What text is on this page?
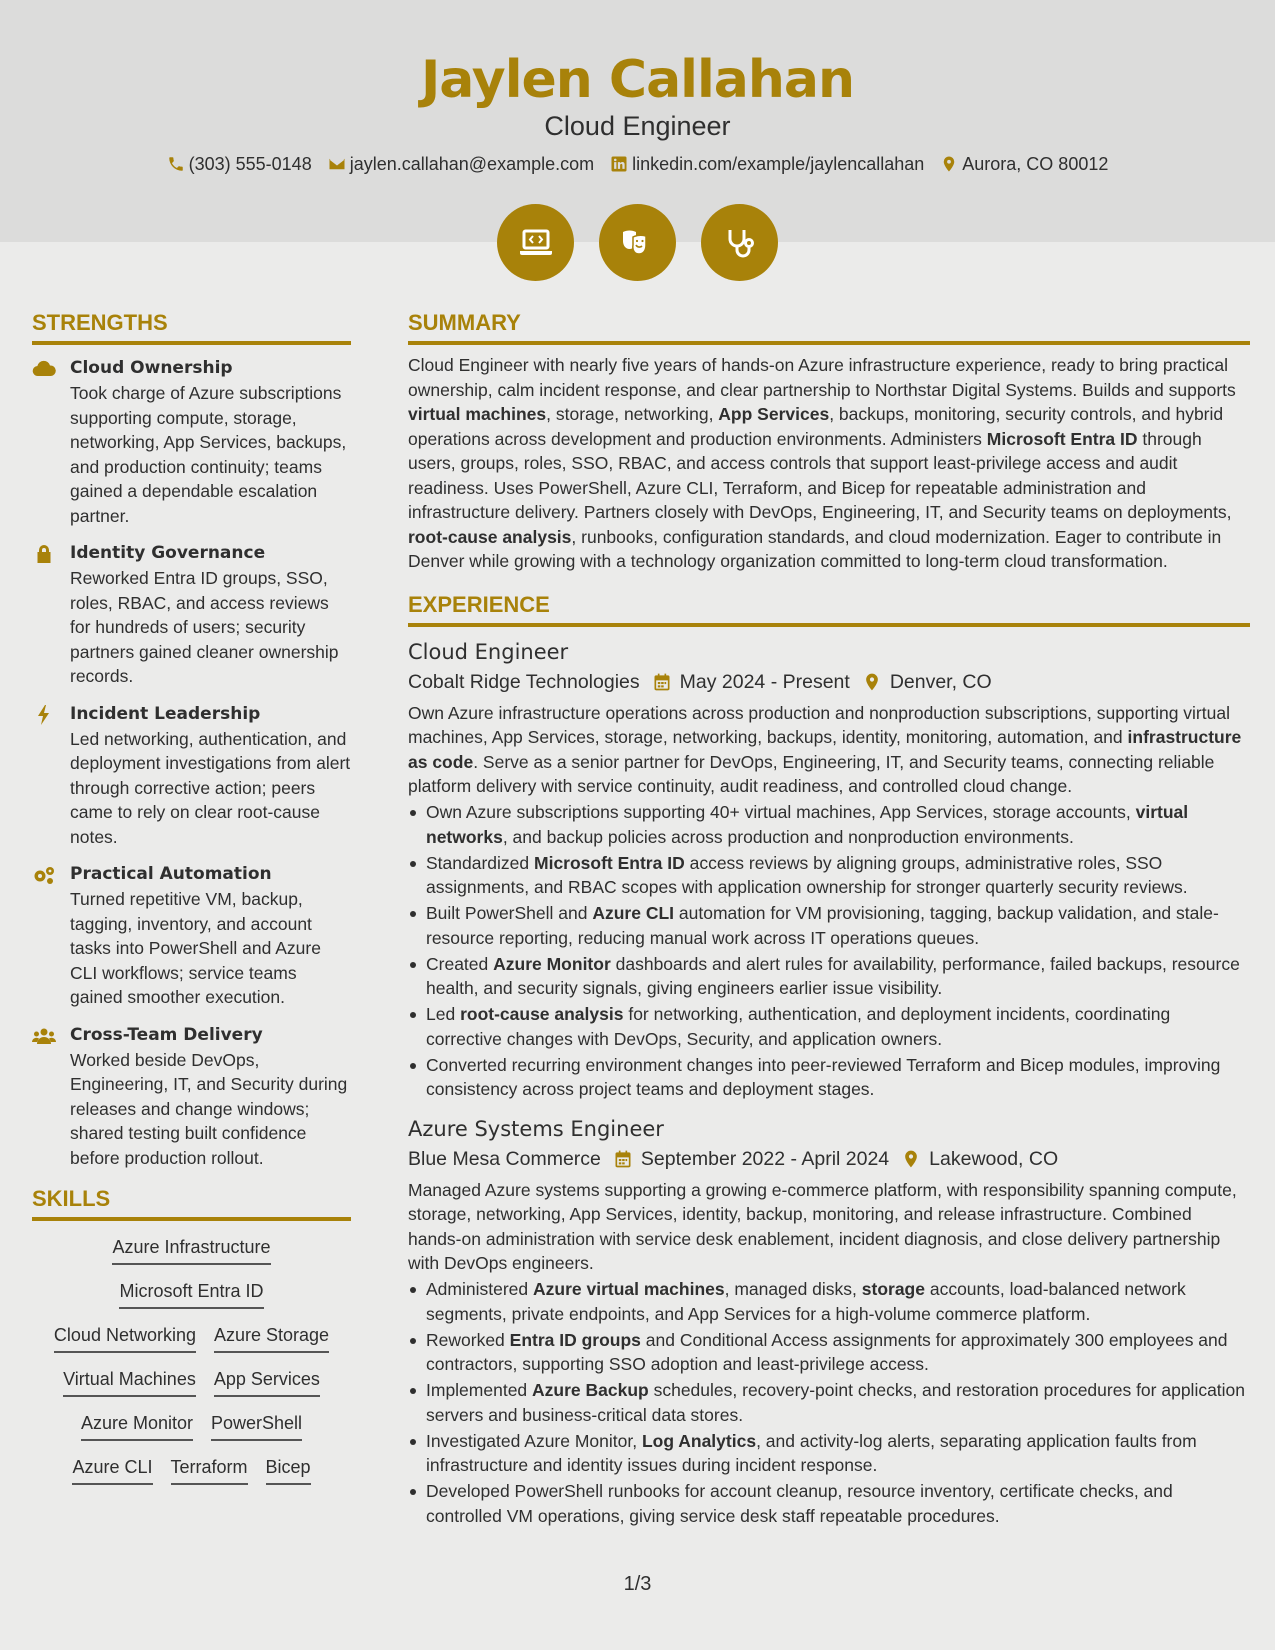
Jaylen Callahan
Cloud Engineer
(303) 555-0148 jaylen.callahan@example.com linkedin.com/example/jaylencallahan Aurora, CO 80012
STRENGTHS
Cloud Ownership
Took charge of Azure subscriptions supporting compute, storage, networking, App Services, backups, and production continuity; teams gained a dependable escalation partner.
Identity Governance
Reworked Entra ID groups, SSO, roles, RBAC, and access reviews for hundreds of users; security partners gained cleaner ownership records.
Incident Leadership
Led networking, authentication, and deployment investigations from alert through corrective action; peers came to rely on clear root-cause notes.
Practical Automation
Turned repetitive VM, backup, tagging, inventory, and account tasks into PowerShell and Azure CLI workflows; service teams gained smoother execution.
Cross-Team Delivery
Worked beside DevOps, Engineering, IT, and Security during releases and change windows; shared testing built confidence before production rollout.
SKILLS
Azure Infrastructure
Microsoft Entra ID
Cloud Networking Azure Storage
Virtual Machines App Services
Azure Monitor PowerShell
Azure CLI Terraform Bicep
SUMMARY

Cloud Engineer with nearly five years of hands-on Azure infrastructure experience, ready to bring practical ownership, calm incident response, and clear partnership to Northstar Digital Systems. Builds and supports virtual machines, storage, networking, App Services, backups, monitoring, security controls, and hybrid operations across development and production environments. Administers Microsoft Entra ID through users, groups, roles, SSO, RBAC, and access controls that support least-privilege access and audit readiness. Uses PowerShell, Azure CLI, Terraform, and Bicep for repeatable administration and infrastructure delivery. Partners closely with DevOps, Engineering, IT, and Security teams on deployments, root-cause analysis, runbooks, configuration standards, and cloud modernization. Eager to contribute in Denver while growing with a technology organization committed to long-term cloud transformation.

EXPERIENCE
Cloud Engineer
Cobalt Ridge Technologies May 2024 - Present Denver, CO

Own Azure infrastructure operations across production and nonproduction subscriptions, supporting virtual machines, App Services, storage, networking, backups, identity, monitoring, automation, and infrastructure as code. Serve as a senior partner for DevOps, Engineering, IT, and Security teams, connecting reliable platform delivery with service continuity, audit readiness, and controlled cloud change.

Own Azure subscriptions supporting 40+ virtual machines, App Services, storage accounts, virtual networks, and backup policies across production and nonproduction environments.
Standardized Microsoft Entra ID access reviews by aligning groups, administrative roles, SSO assignments, and RBAC scopes with application ownership for stronger quarterly security reviews.
Built PowerShell and Azure CLI automation for VM provisioning, tagging, backup validation, and stale-resource reporting, reducing manual work across IT operations queues.
Created Azure Monitor dashboards and alert rules for availability, performance, failed backups, resource health, and security signals, giving engineers earlier issue visibility.
Led root-cause analysis for networking, authentication, and deployment incidents, coordinating corrective changes with DevOps, Security, and application owners.
Converted recurring environment changes into peer-reviewed Terraform and Bicep modules, improving consistency across project teams and deployment stages.
Azure Systems Engineer
Blue Mesa Commerce September 2022 - April 2024 Lakewood, CO

Managed Azure systems supporting a growing e-commerce platform, with responsibility spanning compute, storage, networking, App Services, identity, backup, monitoring, and release infrastructure. Combined hands-on administration with service desk enablement, incident diagnosis, and close delivery partnership with DevOps engineers.

Administered Azure virtual machines, managed disks, storage accounts, load-balanced network segments, private endpoints, and App Services for a high-volume commerce platform.
Reworked Entra ID groups and Conditional Access assignments for approximately 300 employees and contractors, supporting SSO adoption and least-privilege access.
Implemented Azure Backup schedules, recovery-point checks, and restoration procedures for application servers and business-critical data stores.
Investigated Azure Monitor, Log Analytics, and activity-log alerts, separating application faults from infrastructure and identity issues during incident response.
Developed PowerShell runbooks for account cleanup, resource inventory, certificate checks, and controlled VM operations, giving service desk staff repeatable procedures.
1/3
